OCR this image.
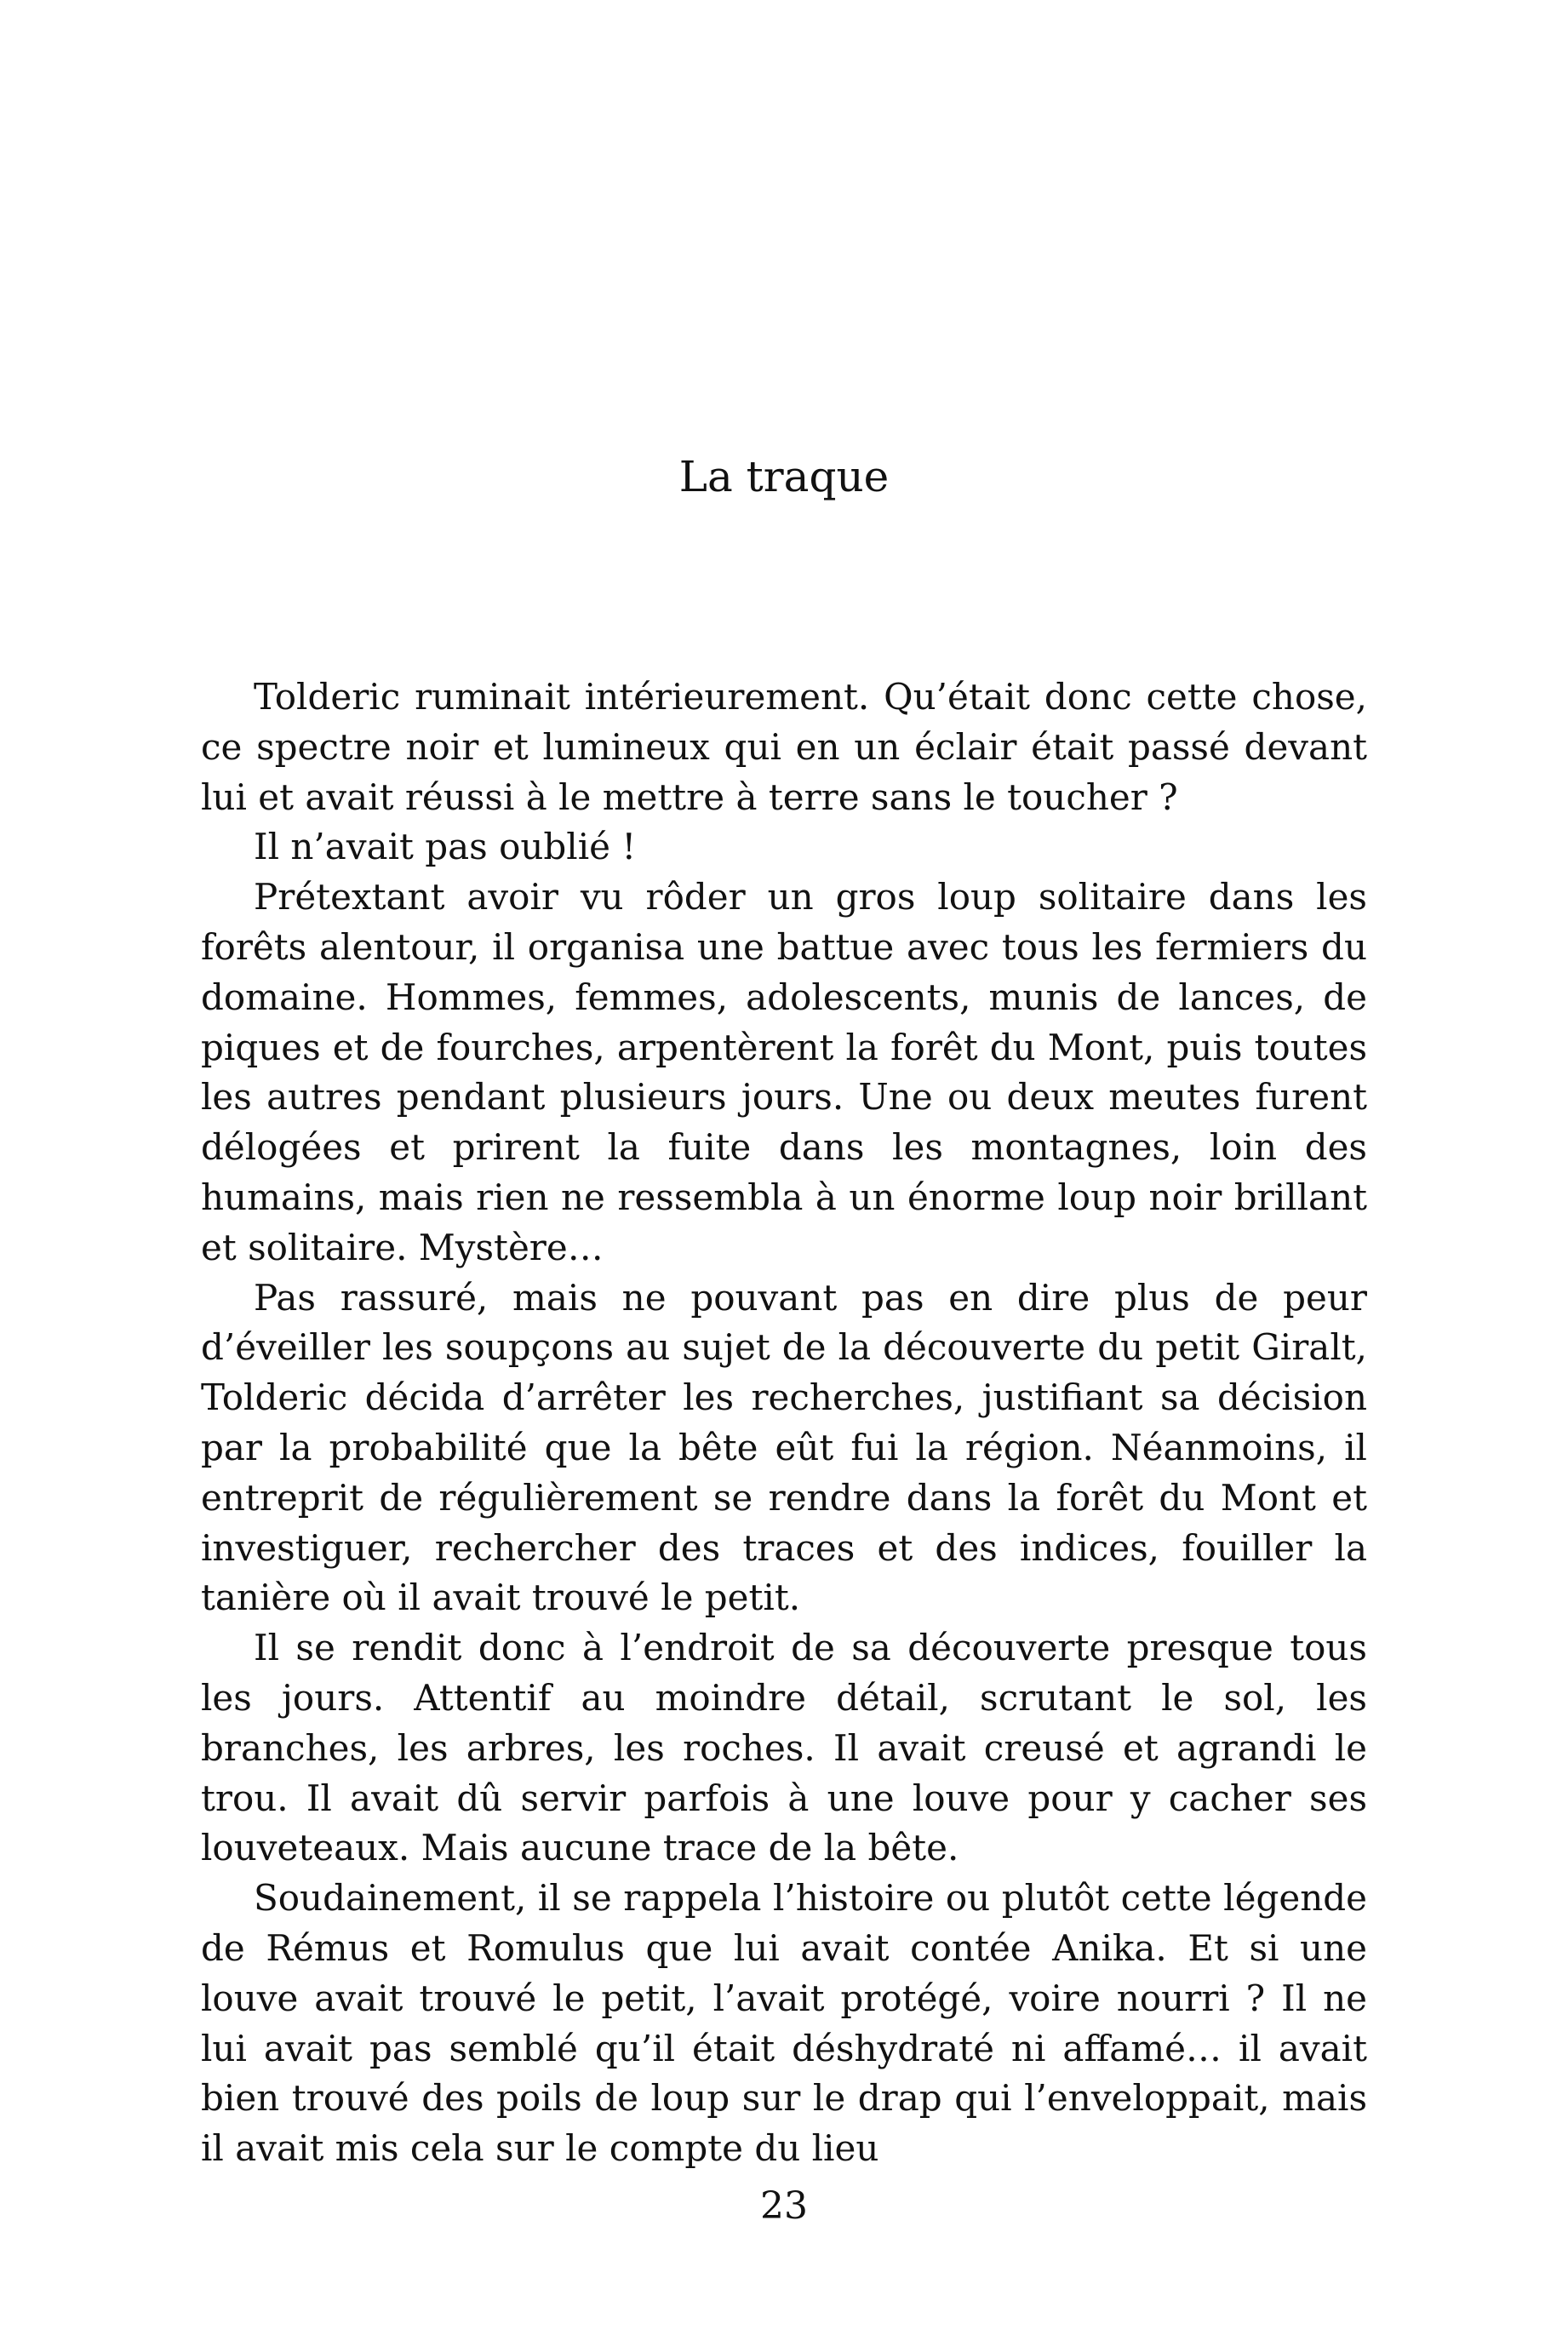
La traque

Tolderic ruminait intérieurement. Qu’était donc cette chose, ce spectre noir et lumineux qui en un éclair était passé devant lui et avait réussi à le mettre à terre sans le toucher ?

Il n’avait pas oublié !

Prétextant avoir vu rôder un gros loup solitaire dans les forêts alentour, il organisa une battue avec tous les fermiers du domaine. Hommes, femmes, adolescents, munis de lances, de piques et de fourches, arpentèrent la forêt du Mont, puis toutes les autres pendant plusieurs jours. Une ou deux meutes furent délogées et prirent la fuite dans les montagnes, loin des humains, mais rien ne ressembla à un énorme loup noir brillant et solitaire. Mystère…

Pas rassuré, mais ne pouvant pas en dire plus de peur d’éveiller les soupçons au sujet de la découverte du petit Giralt, Tolderic décida d’arrêter les recherches, justifiant sa décision par la probabilité que la bête eût fui la région. Néanmoins, il entreprit de régulièrement se rendre dans la forêt du Mont et investiguer, rechercher des traces et des indices, fouiller la tanière où il avait trouvé le petit.

Il se rendit donc à l’endroit de sa découverte presque tous les jours. Attentif au moindre détail, scrutant le sol, les branches, les arbres, les roches. Il avait creusé et agrandi le trou. Il avait dû servir parfois à une louve pour y cacher ses louveteaux. Mais aucune trace de la bête.

Soudainement, il se rappela l’histoire ou plutôt cette légende de Rémus et Romulus que lui avait contée Anika. Et si une louve avait trouvé le petit, l’avait protégé, voire nourri ? Il ne lui avait pas semblé qu’il était déshydraté ni affamé… il avait bien trouvé des poils de loup sur le drap qui l’enveloppait, mais il avait mis cela sur le compte du lieu

23
